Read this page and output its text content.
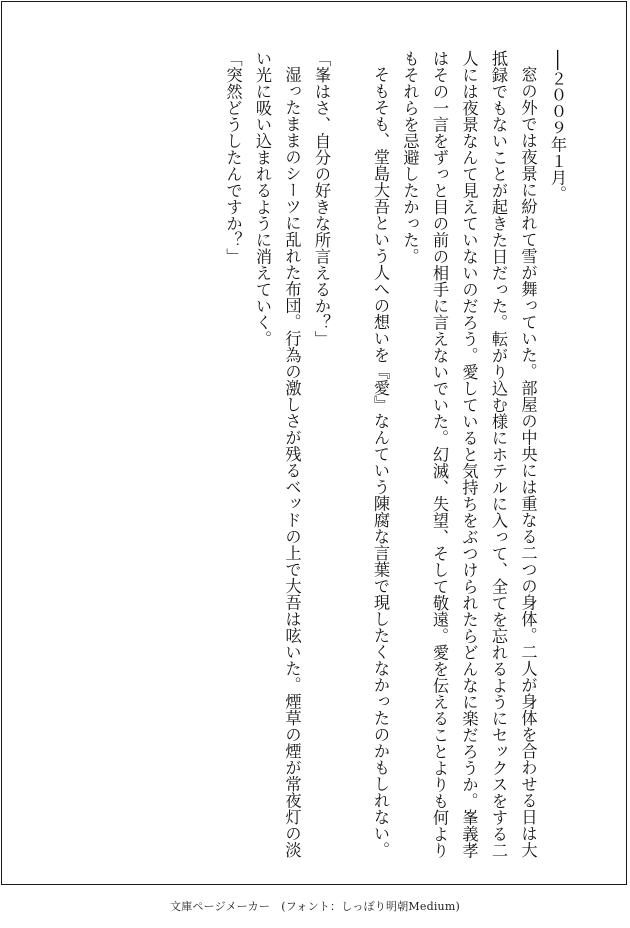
──２００９年１月。

窓の外では夜景に紛れて雪が舞っていた。部屋の中央には重なる二つの身体。二人が身体を合わせる日は大抵録でもないことが起きた日だった。転がり込む様にホテルに入って、全てを忘れるようにセックスをする二人には夜景なんて見えていないのだろう。愛していると気持ちをぶつけられたらどんなに楽だろうか。峯義孝はその一言をずっと目の前の相手に言えないでいた。幻滅、失望、そして敬遠。愛を伝えることよりも何よりもそれらを忌避したかった。

そもそも、堂島大吾という人への想いを『愛』なんていう陳腐な言葉で現したくなかったのかもしれない。

「峯はさ、自分の好きな所言えるか？」

湿ったままのシーツに乱れた布団。行為の激しさが残るベッドの上で大吾は呟いた。煙草の煙が常夜灯の淡い光に吸い込まれるように消えていく。

「突然どうしたんですか？」

文庫ページメーカー　(フォント：しっぽり明朝Medium)
